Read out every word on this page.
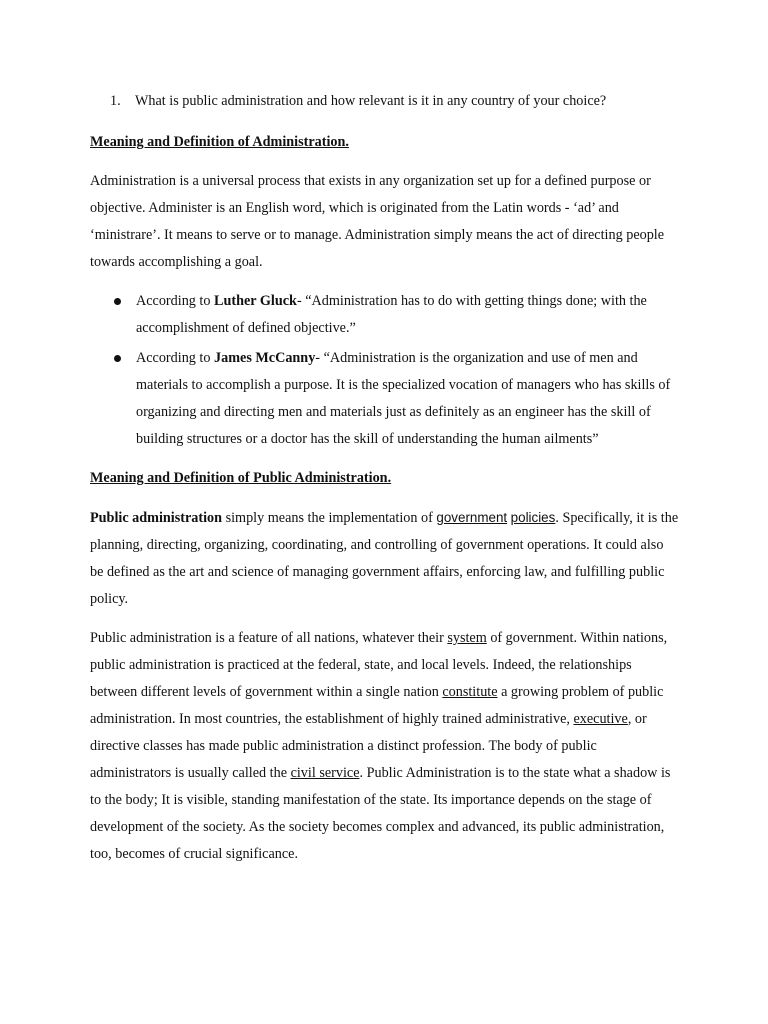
1.	What is public administration and how relevant is it in any country of your choice?
Meaning and Definition of Administration.

Administration is a universal process that exists in any organization set up for a defined purpose or objective. Administer is an English word, which is originated from the Latin words - ‘ad’ and ‘ministrare’. It means to serve or to manage. Administration simply means the act of directing people towards accomplishing a goal.

According to Luther Gluck- “Administration has to do with getting things done; with the accomplishment of defined objective.”
According to James McCanny- “Administration is the organization and use of men and materials to accomplish a purpose. It is the specialized vocation of managers who has skills of organizing and directing men and materials just as definitely as an engineer has the skill of building structures or a doctor has the skill of understanding the human ailments”
Meaning and Definition of Public Administration.

Public administration simply means the implementation of government policies. Specifically, it is the planning, directing, organizing, coordinating, and controlling of government operations. It could also be defined as the art and science of managing government affairs, enforcing law, and fulfilling public policy.

Public administration is a feature of all nations, whatever their system of government. Within nations, public administration is practiced at the federal, state, and local levels. Indeed, the relationships between different levels of government within a single nation constitute a growing problem of public administration. In most countries, the establishment of highly trained administrative, executive, or directive classes has made public administration a distinct profession. The body of public administrators is usually called the civil service. Public Administration is to the state what a shadow is to the body; It is visible, standing manifestation of the state. Its importance depends on the stage of development of the society. As the society becomes complex and advanced, its public administration, too, becomes of crucial significance.
